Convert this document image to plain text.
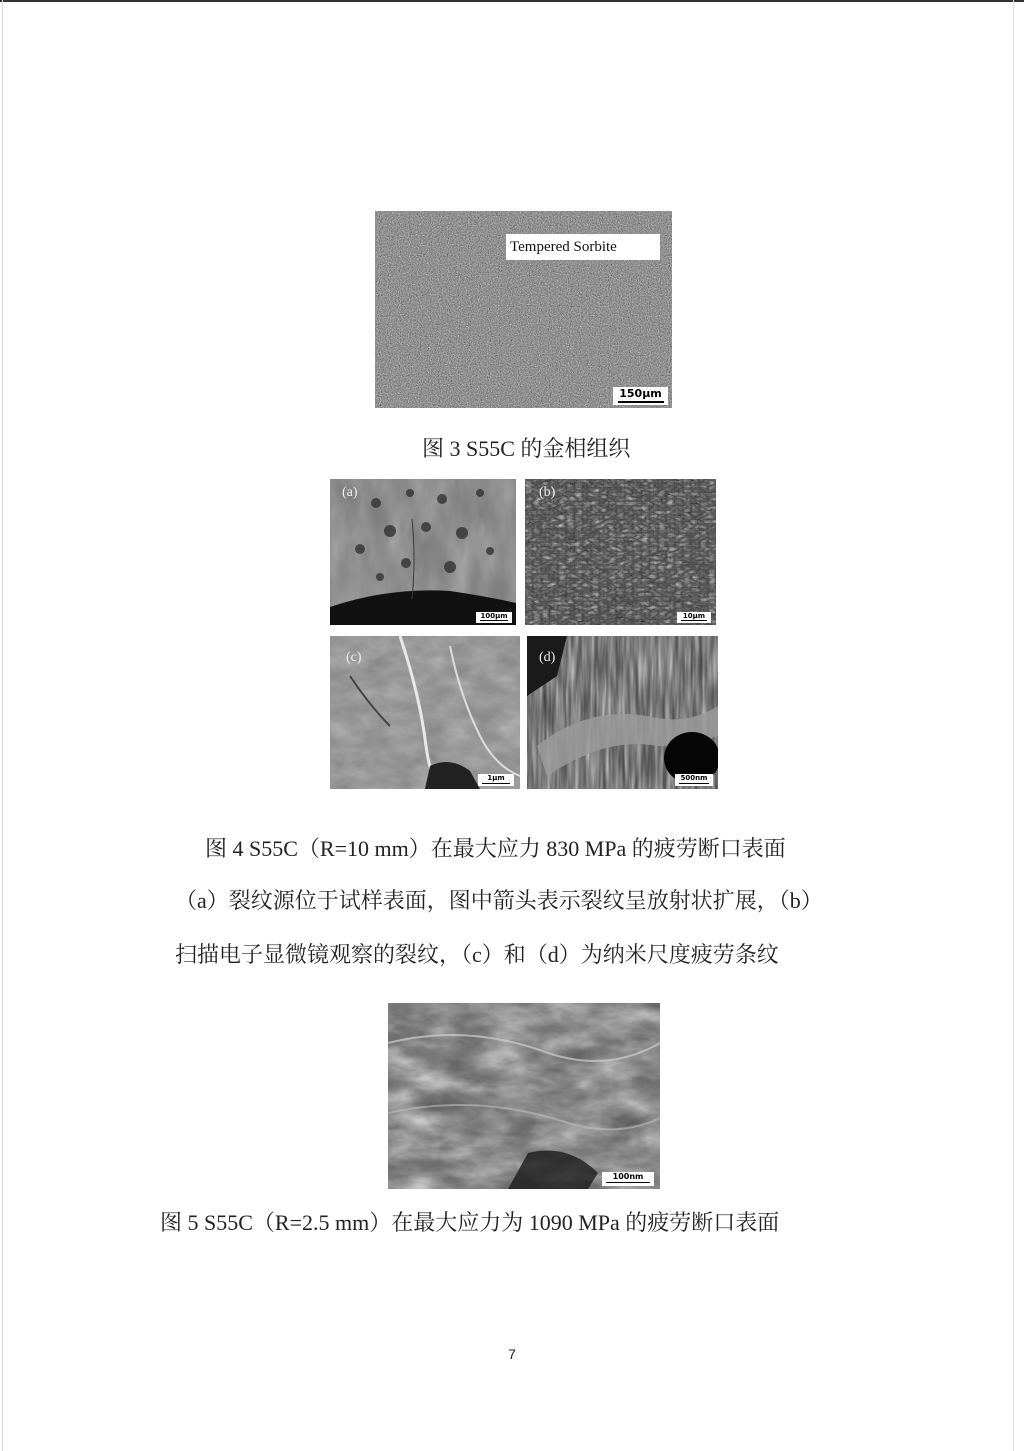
Tempered Sorbite
150μm
图 3 S55C 的金相组织
(a)
100μm
(b)
10μm
(c)
1μm
(d)
500nm
图 4 S55C（R=10 mm）在最大应力 830 MPa 的疲劳断口表面
（a）裂纹源位于试样表面，图中箭头表示裂纹呈放射状扩展，（b）
扫描电子显微镜观察的裂纹，（c）和（d）为纳米尺度疲劳条纹
100nm
图 5 S55C（R=2.5 mm）在最大应力为 1090 MPa 的疲劳断口表面
7
